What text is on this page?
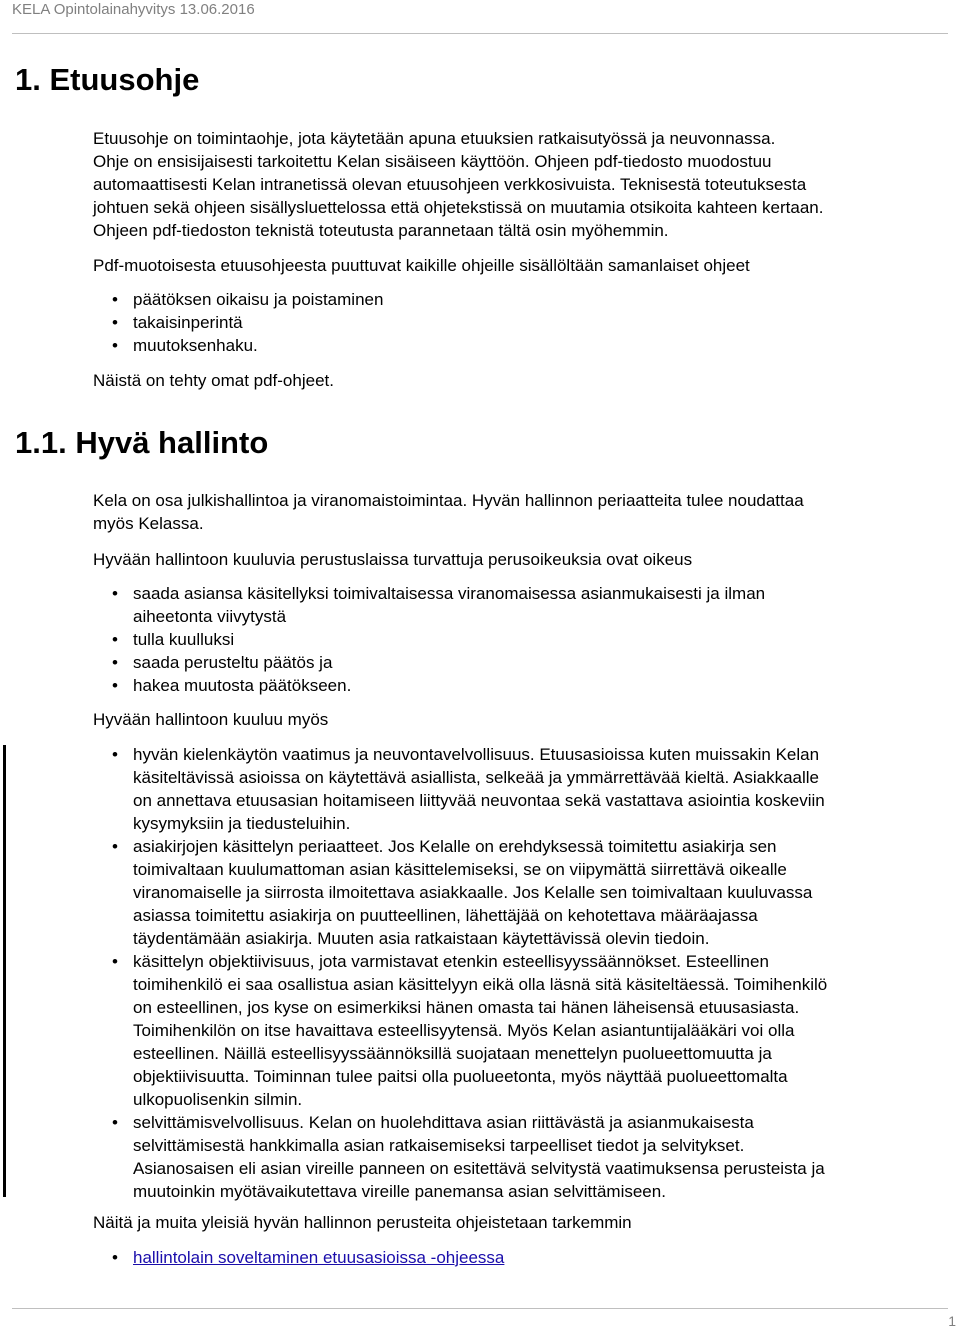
KELA Opintolainahyvitys 13.06.2016
1. Etuusohje

Etuusohje on toimintaohje, jota käytetään apuna etuuksien ratkaisutyössä ja neuvonnassa.

Ohje on ensisijaisesti tarkoitettu Kelan sisäiseen käyttöön. Ohjeen pdf-tiedosto muodostuu

automaattisesti Kelan intranetissä olevan etuusohjeen verkkosivuista. Teknisestä toteutuksesta

johtuen sekä ohjeen sisällysluettelossa että ohjetekstissä on muutamia otsikoita kahteen kertaan.

Ohjeen pdf-tiedoston teknistä toteutusta parannetaan tältä osin myöhemmin.

Pdf-muotoisesta etuusohjeesta puuttuvat kaikille ohjeille sisällöltään samanlaiset ohjeet

• päätöksen oikaisu ja poistaminen
• takaisinperintä
• muutoksenhaku.

Näistä on tehty omat pdf-ohjeet.

1.1. Hyvä hallinto

Kela on osa julkishallintoa ja viranomaistoimintaa. Hyvän hallinnon periaatteita tulee noudattaa

myös Kelassa.

Hyvään hallintoon kuuluvia perustuslaissa turvattuja perusoikeuksia ovat oikeus

• saada asiansa käsitellyksi toimivaltaisessa viranomaisessa asianmukaisesti ja ilman
aiheetonta viivytystä
• tulla kuulluksi
• saada perusteltu päätös ja
• hakea muutosta päätökseen.

Hyvään hallintoon kuuluu myös

• hyvän kielenkäytön vaatimus ja neuvontavelvollisuus. Etuusasioissa kuten muissakin Kelan
käsiteltävissä asioissa on käytettävä asiallista, selkeää ja ymmärrettävää kieltä. Asiakkaalle
on annettava etuusasian hoitamiseen liittyvää neuvontaa sekä vastattava asiointia koskeviin
kysymyksiin ja tiedusteluihin.
• asiakirjojen käsittelyn periaatteet. Jos Kelalle on erehdyksessä toimitettu asiakirja sen
toimivaltaan kuulumattoman asian käsittelemiseksi, se on viipymättä siirrettävä oikealle
viranomaiselle ja siirrosta ilmoitettava asiakkaalle. Jos Kelalle sen toimivaltaan kuuluvassa
asiassa toimitettu asiakirja on puutteellinen, lähettäjää on kehotettava määräajassa
täydentämään asiakirja. Muuten asia ratkaistaan käytettävissä olevin tiedoin.
• käsittelyn objektiivisuus, jota varmistavat etenkin esteellisyyssäännökset. Esteellinen
toimihenkilö ei saa osallistua asian käsittelyyn eikä olla läsnä sitä käsiteltäessä. Toimihenkilö
on esteellinen, jos kyse on esimerkiksi hänen omasta tai hänen läheisensä etuusasiasta.
Toimihenkilön on itse havaittava esteellisyytensä. Myös Kelan asiantuntijalääkäri voi olla
esteellinen. Näillä esteellisyyssäännöksillä suojataan menettelyn puolueettomuutta ja
objektiivisuutta. Toiminnan tulee paitsi olla puolueetonta, myös näyttää puolueettomalta
ulkopuolisenkin silmin.
• selvittämisvelvollisuus. Kelan on huolehdittava asian riittävästä ja asianmukaisesta
selvittämisestä hankkimalla asian ratkaisemiseksi tarpeelliset tiedot ja selvitykset.
Asianosaisen eli asian vireille panneen on esitettävä selvitystä vaatimuksensa perusteista ja
muutoinkin myötävaikutettava vireille panemansa asian selvittämiseen.

Näitä ja muita yleisiä hyvän hallinnon perusteita ohjeistetaan tarkemmin

• hallintolain soveltaminen etuusasioissa -ohjeessa
1
